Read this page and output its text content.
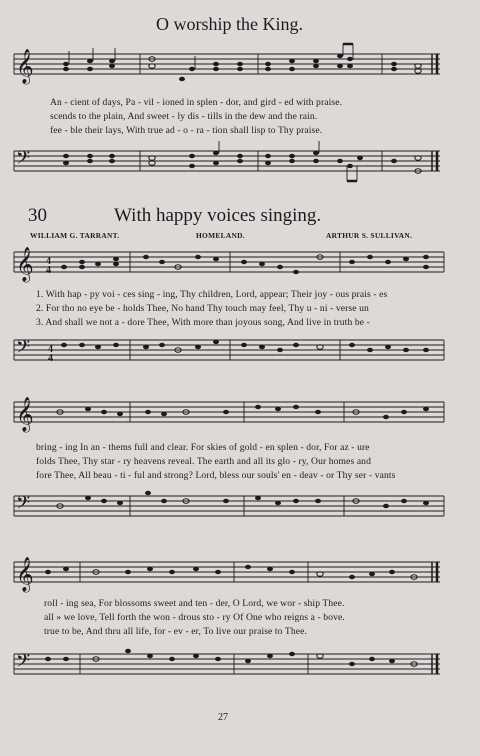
O worship the King.
𝄞
An - cient of days, Pa - vil - ioned in splen - dor, and gird - ed with praise.
scends to the plain, And sweet - ly dis - tills in the dew and the rain.
fee - ble their lays, With true ad - o - ra - tion shall lisp to Thy praise.
𝄢
30	With happy voices singing.
WILLIAM G. TARRANT.	HOMELAND.	ARTHUR S. SULLIVAN.
𝄞 4
4
1. With hap - py voi - ces sing - ing, Thy children, Lord, appear; Their joy - ous prais - es
2. For tho no eye be - holds Thee, No hand Thy touch may feel, Thy u - ni - verse un
3. And shall we not a - dore Thee, With more than joyous song, And live in truth be -
𝄢 4
4
𝄞
bring - ing In an - thems full and clear. For skies of gold - en splen - dor, For az - ure
folds Thee, Thy star - ry heavens reveal. The earth and all its glo - ry, Our homes and
fore Thee, All beau - ti - ful and strong? Lord, bless our souls' en - deav - or Thy ser - vants
𝄢
𝄞
roll - ing sea, For blossoms sweet and ten - der, O Lord, we wor - ship Thee.
all » we love, Tell forth the won - drous sto - ry Of One who reigns a - bove.
true to be, And thru all life, for - ev - er, To live our praise to Thee.
𝄢
27
